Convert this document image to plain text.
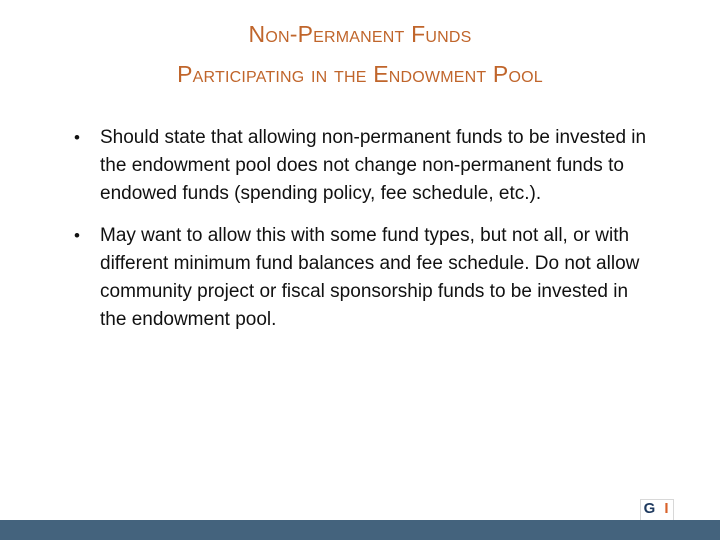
Non-Permanent Funds
Participating in the Endowment Pool
• Should state that allowing non-permanent funds to be invested in the endowment pool does not change non-permanent funds to endowed funds (spending policy, fee schedule, etc.).
• May want to allow this with some fund types, but not all, or with different minimum fund balances and fee schedule. Do not allow community project or fiscal sponsorship funds to be invested in the endowment pool.
G I
